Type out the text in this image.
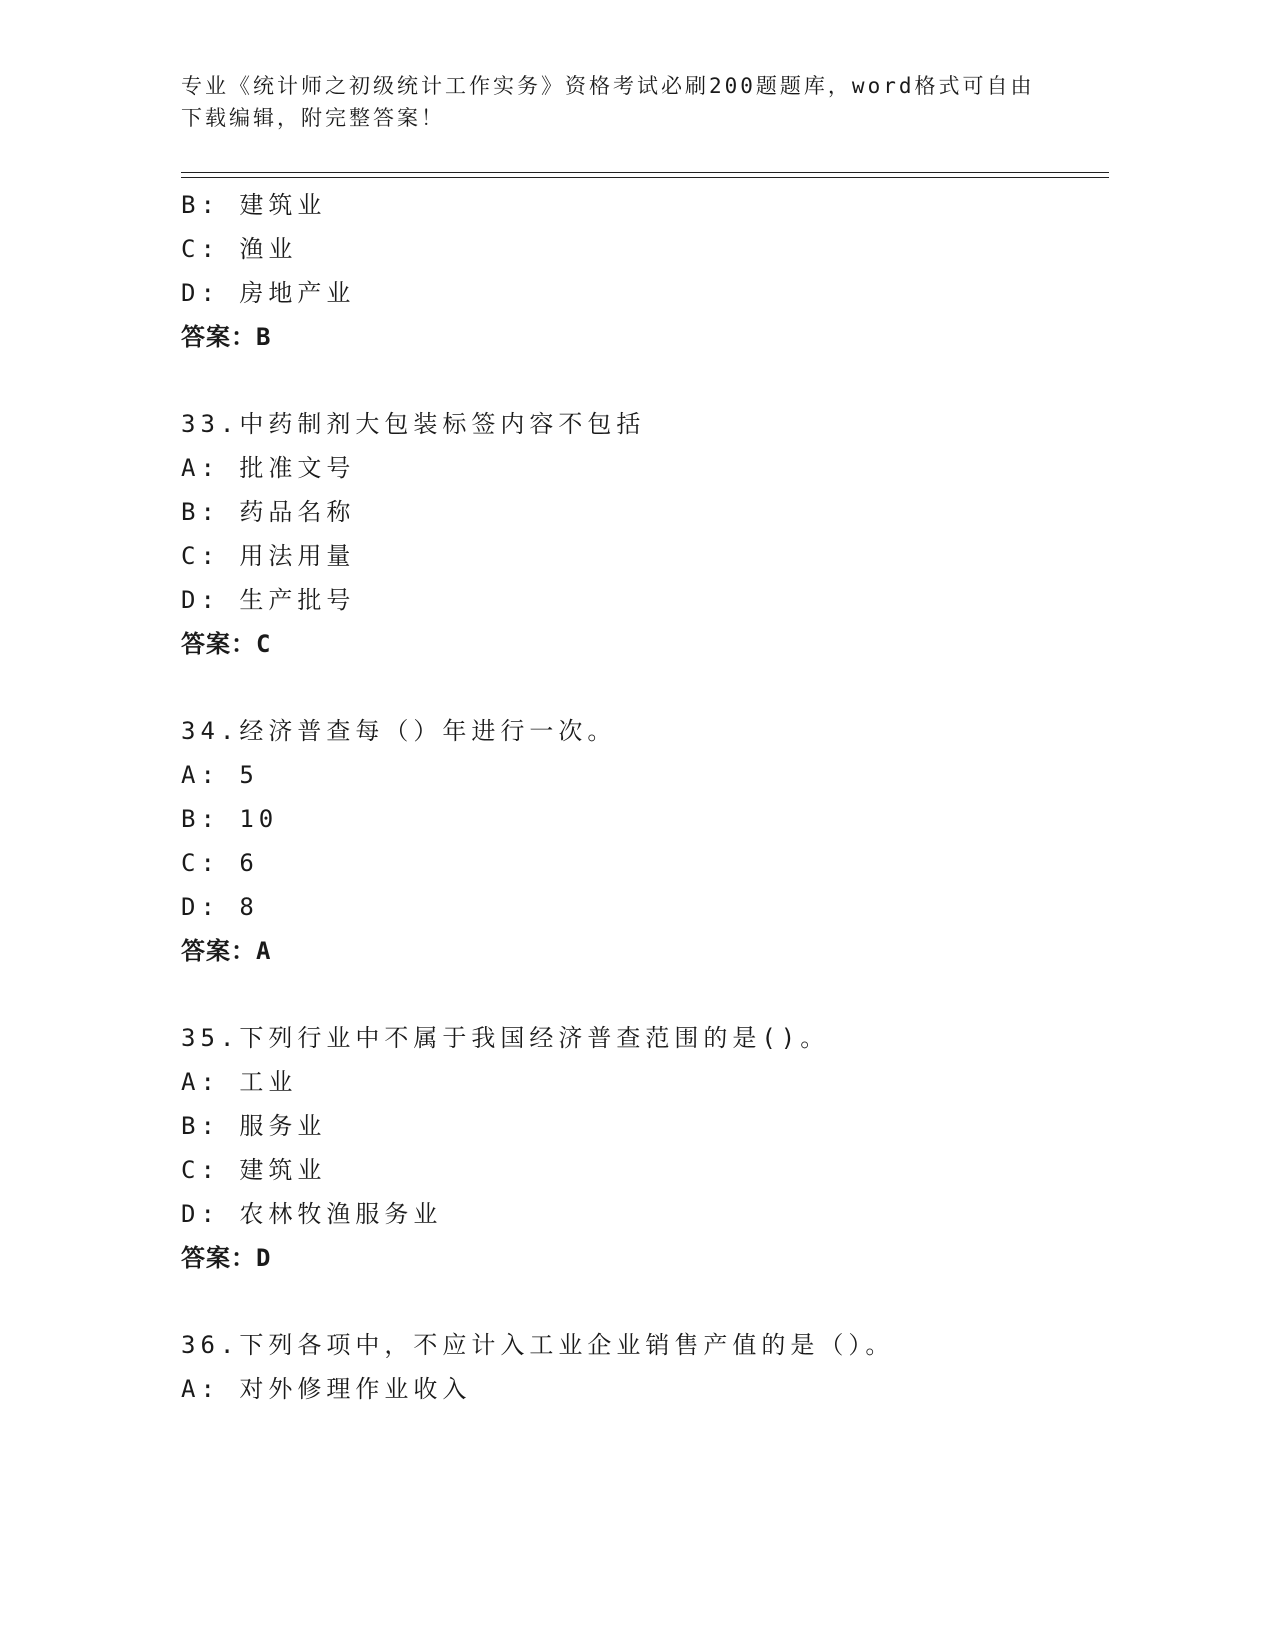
专业《统计师之初级统计工作实务》资格考试必刷200题题库，word格式可自由
下载编辑，附完整答案！
B: 建筑业
C: 渔业
D: 房地产业
答案：B
33.中药制剂大包装标签内容不包括
A: 批准文号
B: 药品名称
C: 用法用量
D: 生产批号
答案：C
34.经济普查每（）年进行一次。
A: 5
B: 10
C: 6
D: 8
答案：A
35.下列行业中不属于我国经济普查范围的是()。
A: 工业
B: 服务业
C: 建筑业
D: 农林牧渔服务业
答案：D
36.下列各项中，不应计入工业企业销售产值的是（）。
A: 对外修理作业收入
